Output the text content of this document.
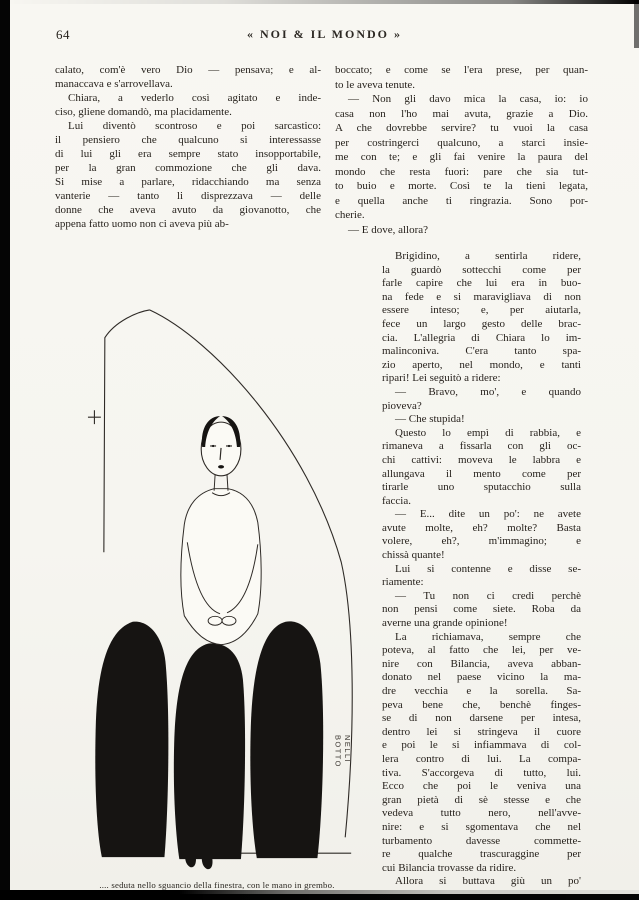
64	« NOI & IL MONDO »
calato, com'è vero Dio — pensava; e al-
manaccava e s'arrovellava.
Chiara, a vederlo così agitato e inde-
ciso, gliene domandò, ma placidamente.
Lui diventò scontroso e poi sarcastico:
il pensiero che qualcuno si interessasse
di lui gli era sempre stato insopportabile,
per la gran commozione che gli dava.
Si mise a parlare, ridacchiando ma senza
vanterie — tanto li disprezzava — delle
donne che aveva avuto da giovanotto, che
appena fatto uomo non ci aveva più ab-
boccato; e come se l'era prese, per quan-
to le aveva tenute.
— Non gli davo mica la casa, io: io
casa non l'ho mai avuta, grazie a Dio.
A che dovrebbe servire? tu vuoi la casa
per costringerci qualcuno, a starci insie-
me con te; e gli fai venire la paura del
mondo che resta fuori: pare che sia tut-
to buio e morte. Così te la tieni legata,
e quella anche ti ringrazia. Sono por-
cherie.
— E dove, allora?
Brigidino, a sentirla ridere,
la guardò sottecchi come per
farle capire che lui era in buo-
na fede e si maravigliava di non
essere inteso; e, per aiutarla,
fece un largo gesto delle brac-
cia. L'allegria di Chiara lo im-
malinconiva. C'era tanto spa-
zio aperto, nel mondo, e tanti
ripari! Lei seguitò a ridere:
— Bravo, mo', e quando
pioveva?
— Che stupida!
Questo lo empì di rabbia, e
rimaneva a fissarla con gli oc-
chi cattivi: moveva le labbra e
allungava il mento come per
tirarle uno sputacchio sulla
faccia.
— E... dite un po': ne avete
avute molte, eh? molte? Basta
volere, eh?, m'immagino; e
chissà quante!
Lui si contenne e disse se-
riamente:
— Tu non ci credi perchè
non pensi come siete. Roba da
averne una grande opinione!
La richiamava, sempre che
poteva, al fatto che lei, per ve-
nire con Bilancia, aveva abban-
donato nel paese vicino la ma-
dre vecchia e la sorella. Sa-
peva bene che, benchè finges-
se di non darsene per intesa,
dentro lei si stringeva il cuore
e poi le si infiammava di col-
lera contro di lui. La compa-
tiva. S'accorgeva di tutto, lui.
Ecco che poi le veniva una
gran pietà di sè stesse e che
vedeva tutto nero, nell'avve-
nire: e si sgomentava che nel
turbamento davesse commette-
re qualche trascuraggine per
cui Bilancia trovasse da ridire.
Allora si buttava giù un po'
BOTTO NELLI
.... seduta nello sguancio della finestra, con le mano in grembo.
